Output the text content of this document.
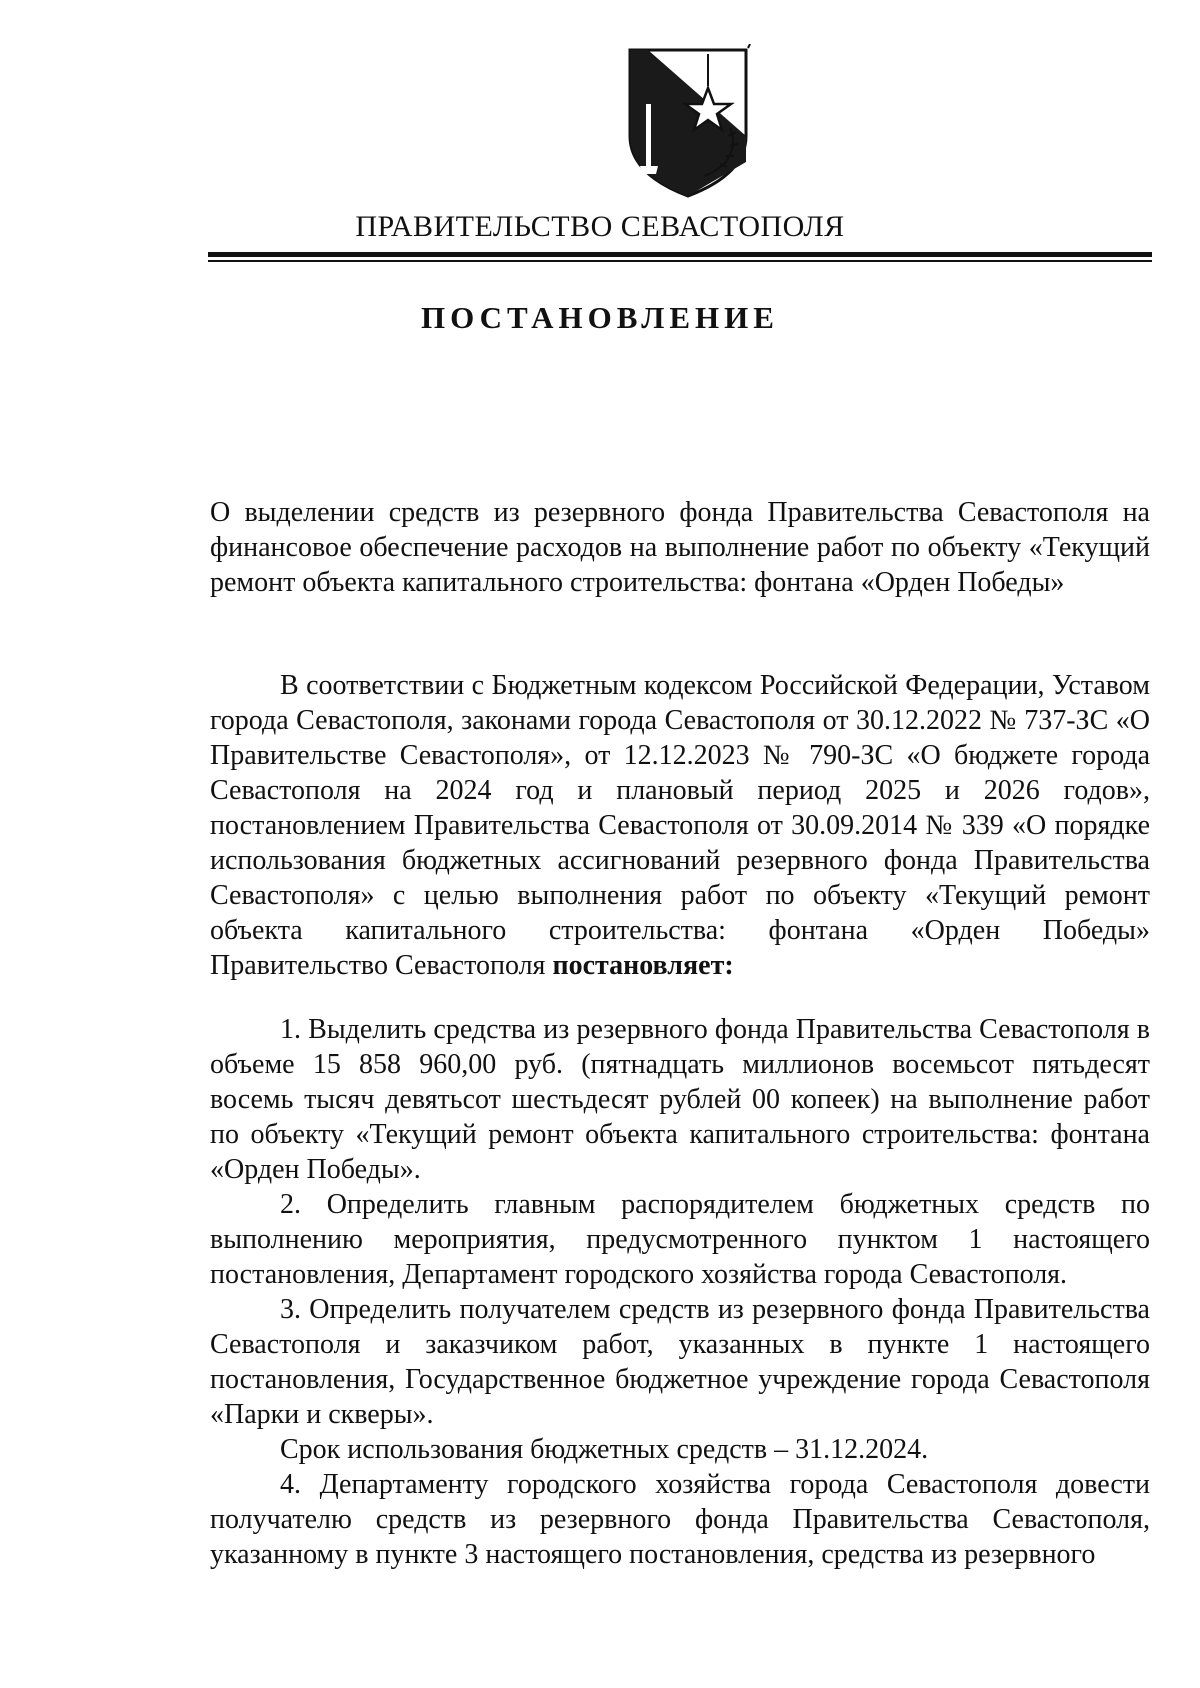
ПРАВИТЕЛЬСТВО СЕВАСТОПОЛЯ
ПОСТАНОВЛЕНИЕ

О выделении средств из резервного фонда Правительства Севастополя на финансовое обеспечение расходов на выполнение работ по объекту «Текущий ремонт объекта капитального строительства: фонтана «Орден Победы»

В соответствии с Бюджетным кодексом Российской Федерации, Уставом города Севастополя, законами города Севастополя от 30.12.2022 № 737-ЗС «О Правительстве Севастополя», от 12.12.2023 № 790-ЗС «О бюджете города Севастополя на 2024 год и плановый период 2025 и 2026 годов», постановлением Правительства Севастополя от 30.09.2014 № 339 «О порядке использования бюджетных ассигнований резервного фонда Правительства Севастополя» с целью выполнения работ по объекту «Текущий ремонт объекта капитального строительства: фонтана «Орден Победы» Правительство Севастополя постановляет:

1. Выделить средства из резервного фонда Правительства Севастополя в объеме 15 858 960,00 руб. (пятнадцать миллионов восемьсот пятьдесят восемь тысяч девятьсот шестьдесят рублей 00 копеек) на выполнение работ по объекту «Текущий ремонт объекта капитального строительства: фонтана «Орден Победы».

2. Определить главным распорядителем бюджетных средств по выполнению мероприятия, предусмотренного пунктом 1 настоящего постановления, Департамент городского хозяйства города Севастополя.

3. Определить получателем средств из резервного фонда Правительства Севастополя и заказчиком работ, указанных в пункте 1 настоящего постановления, Государственное бюджетное учреждение города Севастополя «Парки и скверы».

Срок использования бюджетных средств – 31.12.2024.

4. Департаменту городского хозяйства города Севастополя довести получателю средств из резервного фонда Правительства Севастополя, указанному в пункте 3 настоящего постановления, средства из резервного
